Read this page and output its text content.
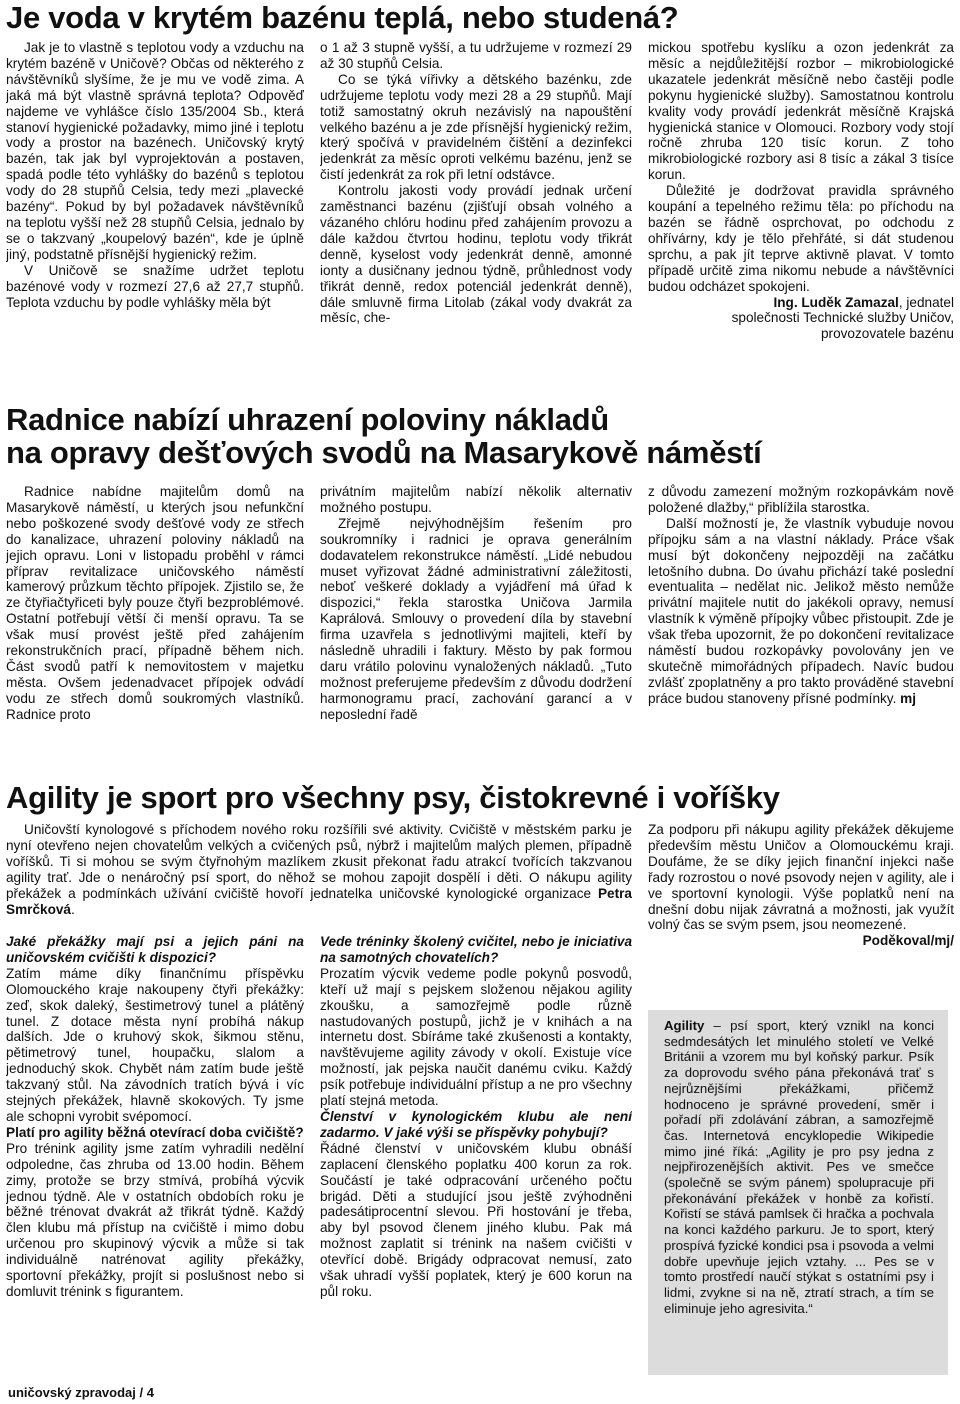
Je voda v krytém bazénu teplá, nebo studená?

Jak je to vlastně s teplotou vody a vzduchu na krytém bazéně v Uničově? Občas od některého z návštěvníků slyšíme, že je mu ve vodě zima. A jaká má být vlastně správná teplota? Odpověď najdeme ve vyhlášce číslo 135/2004 Sb., která stanoví hygienické požadavky, mimo jiné i teplotu vody a prostor na bazénech. Uničovský krytý bazén, tak jak byl vyprojektován a postaven, spadá podle této vyhlášky do bazénů s teplotou vody do 28 stupňů Celsia, tedy mezi „plavecké bazény“. Pokud by byl požadavek návštěvníků na teplotu vyšší než 28 stupňů Celsia, jednalo by se o takzvaný „koupelový bazén“, kde je úplně jiný, podstatně přísnější hygienický režim.

V Uničově se snažíme udržet teplotu bazénové vody v rozmezí 27,6 až 27,7 stupňů. Teplota vzduchu by podle vyhlášky měla být

o 1 až 3 stupně vyšší, a tu udržujeme v rozmezí 29 až 30 stupňů Celsia.

Co se týká vířivky a dětského bazénku, zde udržujeme teplotu vody mezi 28 a 29 stupňů. Mají totiž samostatný okruh nezávislý na napouštění velkého bazénu a je zde přísnější hygienický režim, který spočívá v pravidelném čištění a dezinfekci jedenkrát za měsíc oproti velkému bazénu, jenž se čistí jedenkrát za rok při letní odstávce.

Kontrolu jakosti vody provádí jednak určení zaměstnanci bazénu (zjišťují obsah volného a vázaného chlóru hodinu před zahájením provozu a dále každou čtvrtou hodinu, teplotu vody třikrát denně, kyselost vody jedenkrát denně, amonné ionty a dusičnany jednou týdně, průhlednost vody třikrát denně, redox potenciál jedenkrát denně), dále smluvně firma Litolab (zákal vody dvakrát za měsíc, che-

mickou spotřebu kyslíku a ozon jedenkrát za měsíc a nejdůležitější rozbor – mikrobiologické ukazatele jedenkrát měsíčně nebo častěji podle pokynu hygienické služby). Samostatnou kontrolu kvality vody provádí jedenkrát měsíčně Krajská hygienická stanice v Olomouci. Rozbory vody stojí ročně zhruba 120 tisíc korun. Z toho mikrobiologické rozbory asi 8 tisíc a zákal 3 tisíce korun.

Důležité je dodržovat pravidla správného koupání a tepelného režimu těla: po příchodu na bazén se řádně osprchovat, po odchodu z ohřívárny, kdy je tělo přehřáté, si dát studenou sprchu, a pak jít teprve aktivně plavat. V tomto případě určitě zima nikomu nebude a návštěvníci budou odcházet spokojeni.

Ing. Luděk Zamazal, jednatel

společnosti Technické služby Uničov,

provozovatele bazénu

Radnice nabízí uhrazení poloviny nákladů
na opravy dešťových svodů na Masarykově náměstí

Radnice nabídne majitelům domů na Masarykově náměstí, u kterých jsou nefunkční nebo poškozené svody dešťové vody ze střech do kanalizace, uhrazení poloviny nákladů na jejich opravu. Loni v listopadu proběhl v rámci příprav revitalizace uničovského náměstí kamerový průzkum těchto přípojek. Zjistilo se, že ze čtyřiačtyřiceti byly pouze čtyři bezproblémové. Ostatní potřebují větší či menší opravu. Ta se však musí provést ještě před zahájením rekonstrukčních prací, případně během nich. Část svodů patří k nemovitostem v majetku města. Ovšem jedenadvacet přípojek odvádí vodu ze střech domů soukromých vlastníků. Radnice proto

privátním majitelům nabízí několik alternativ možného postupu.

Zřejmě nejvýhodnějším řešením pro soukromníky i radnici je oprava generálním dodavatelem rekonstrukce náměstí. „Lidé nebudou muset vyřizovat žádné administrativní záležitosti, neboť veškeré doklady a vyjádření má úřad k dispozici,“ řekla starostka Uničova Jarmila Kaprálová. Smlouvy o provedení díla by stavební firma uzavřela s jednotlivými majiteli, kteří by následně uhradili i faktury. Město by pak formou daru vrátilo polovinu vynaložených nákladů. „Tuto možnost preferujeme především z důvodu dodržení harmonogramu prací, zachování garancí a v neposlední řadě

z důvodu zamezení možným rozkopávkám nově položené dlažby,“ přiblížila starostka.

Další možností je, že vlastník vybuduje novou přípojku sám a na vlastní náklady. Práce však musí být dokončeny nejpozději na začátku letošního dubna. Do úvahu přichází také poslední eventualita – nedělat nic. Jelikož město nemůže privátní majitele nutit do jakékoli opravy, nemusí vlastník k výměně přípojky vůbec přistoupit. Zde je však třeba upozornit, že po dokončení revitalizace náměstí budou rozkopávky povolovány jen ve skutečně mimořádných případech. Navíc budou zvlášť zpoplatněny a pro takto prováděné stavební práce budou stanoveny přísné podmínky. mj

Agility je sport pro všechny psy, čistokrevné i voříšky

Uničovští kynologové s příchodem nového roku rozšířili své aktivity. Cvičiště v městském parku je nyní otevřeno nejen chovatelům velkých a cvičených psů, nýbrž i majitelům malých plemen, případně voříšků. Ti si mohou se svým čtyřnohým mazlíkem zkusit překonat řadu atrakcí tvořících takzvanou agility trať. Jde o nenáročný psí sport, do něhož se mohou zapojit dospělí i děti. O nákupu agility překážek a podmínkách užívání cvičiště hovoří jednatelka uničovské kynologické organizace Petra Smrčková.

Jaké překážky mají psi a jejich páni na uničovském cvičišti k dispozici?

Zatím máme díky finančnímu příspěvku Olomouckého kraje nakoupeny čtyři překážky: zeď, skok daleký, šestimetrový tunel a plátěný tunel. Z dotace města nyní probíhá nákup dalších. Jde o kruhový skok, šikmou stěnu, pětimetrový tunel, houpačku, slalom a jednoduchý skok. Chybět nám zatím bude ještě takzvaný stůl. Na závodních tratích bývá i víc stejných překážek, hlavně skokových. Ty jsme ale schopni vyrobit svépomocí.

Platí pro agility běžná otevírací doba cvičiště?

Pro trénink agility jsme zatím vyhradili nedělní odpoledne, čas zhruba od 13.00 hodin. Během zimy, protože se brzy stmívá, probíhá výcvik jednou týdně. Ale v ostatních obdobích roku je běžné trénovat dvakrát až třikrát týdně. Každý člen klubu má přístup na cvičiště i mimo dobu určenou pro skupinový výcvik a může si tak individuálně natrénovat agility překážky, sportovní překážky, projít si poslušnost nebo si domluvit trénink s figurantem.

Vede tréninky školený cvičitel, nebo je iniciativa na samotných chovatelích?

Prozatím výcvik vedeme podle pokynů posvodů, kteří už mají s pejskem složenou nějakou agility zkoušku, a samozřejmě podle různě nastudovaných postupů, jichž je v knihách a na internetu dost. Sbíráme také zkušenosti a kontakty, navštěvujeme agility závody v okolí. Existuje více možností, jak pejska naučit danému cviku. Každý psík potřebuje individuální přístup a ne pro všechny platí stejná metoda.

Členství v kynologickém klubu ale není zadarmo. V jaké výši se příspěvky pohybují?

Řádné členství v uničovském klubu obnáší zaplacení členského poplatku 400 korun za rok. Součástí je také odpracování určeného počtu brigád. Děti a studující jsou ještě zvýhodněni padesátiprocentní slevou. Při hostování je třeba, aby byl psovod členem jiného klubu. Pak má možnost zaplatit si trénink na našem cvičišti v otevřící době. Brigády odpracovat nemusí, zato však uhradí vyšší poplatek, který je 600 korun na půl roku.

Za podporu při nákupu agility překážek děkujeme především městu Uničov a Olomouckému kraji. Doufáme, že se díky jejich finanční injekci naše řady rozrostou o nové psovody nejen v agility, ale i ve sportovní kynologii. Výše poplatků není na dnešní dobu nijak závratná a možnosti, jak využít volný čas se svým psem, jsou neomezené.

Poděkoval/mj/

Agility – psí sport, který vznikl na konci sedmdesátých let minulého století ve Velké Británii a vzorem mu byl koňský parkur. Psík za doprovodu svého pána překonává trať s nejrůznějšími překážkami, přičemž hodnoceno je správné provedení, směr i pořadí při zdolávání zábran, a samozřejmě čas. Internetová encyklopedie Wikipedie mimo jiné říká: „Agility je pro psy jedna z nejpřirozenějších aktivit. Pes ve smečce (společně se svým pánem) spolupracuje při překonávání překážek v honbě za kořistí. Kořistí se stává pamlsek či hračka a pochvala na konci každého parkuru. Je to sport, který prospívá fyzické kondici psa i psovoda a velmi dobře upevňuje jejich vztahy. ... Pes se v tomto prostředí naučí stýkat s ostatními psy i lidmi, zvykne si na ně, ztratí strach, a tím se eliminuje jeho agresivita.“

uničovský zpravodaj / 4
